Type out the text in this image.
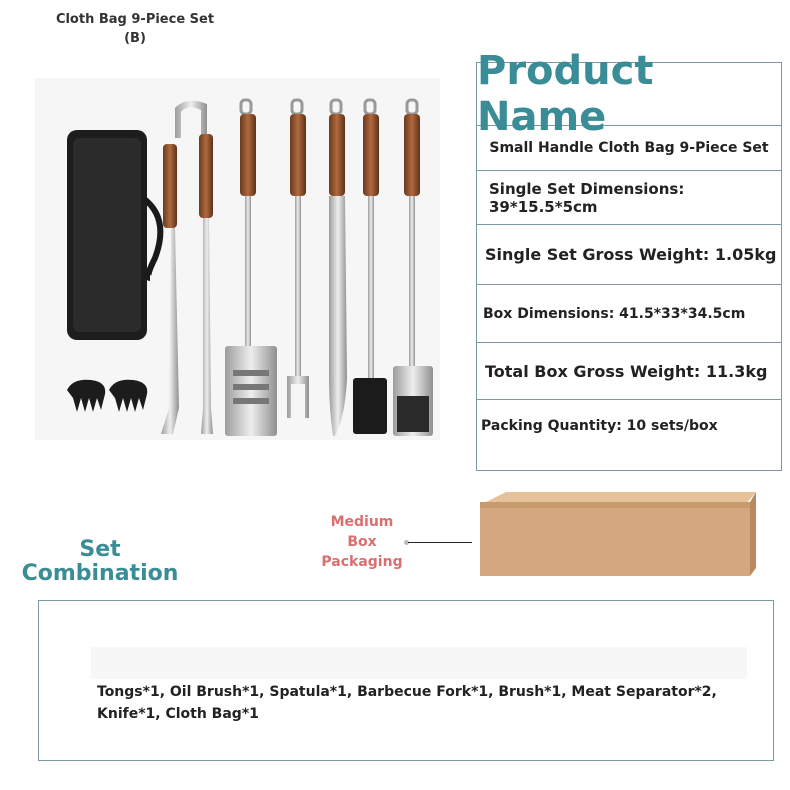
Cloth Bag 9-Piece Set
(B)
Product Name
Small Handle Cloth Bag 9-Piece Set
Single Set Dimensions: 39*15.5*5cm
Single Set Gross Weight: 1.05kg
Box Dimensions: 41.5*33*34.5cm
Total Box Gross Weight: 11.3kg
Packing Quantity: 10 sets/box
Medium
Box
Packaging
Set
Combination
Tongs*1, Oil Brush*1, Spatula*1, Barbecue Fork*1, Brush*1, Meat Separator*2, Knife*1, Cloth Bag*1
